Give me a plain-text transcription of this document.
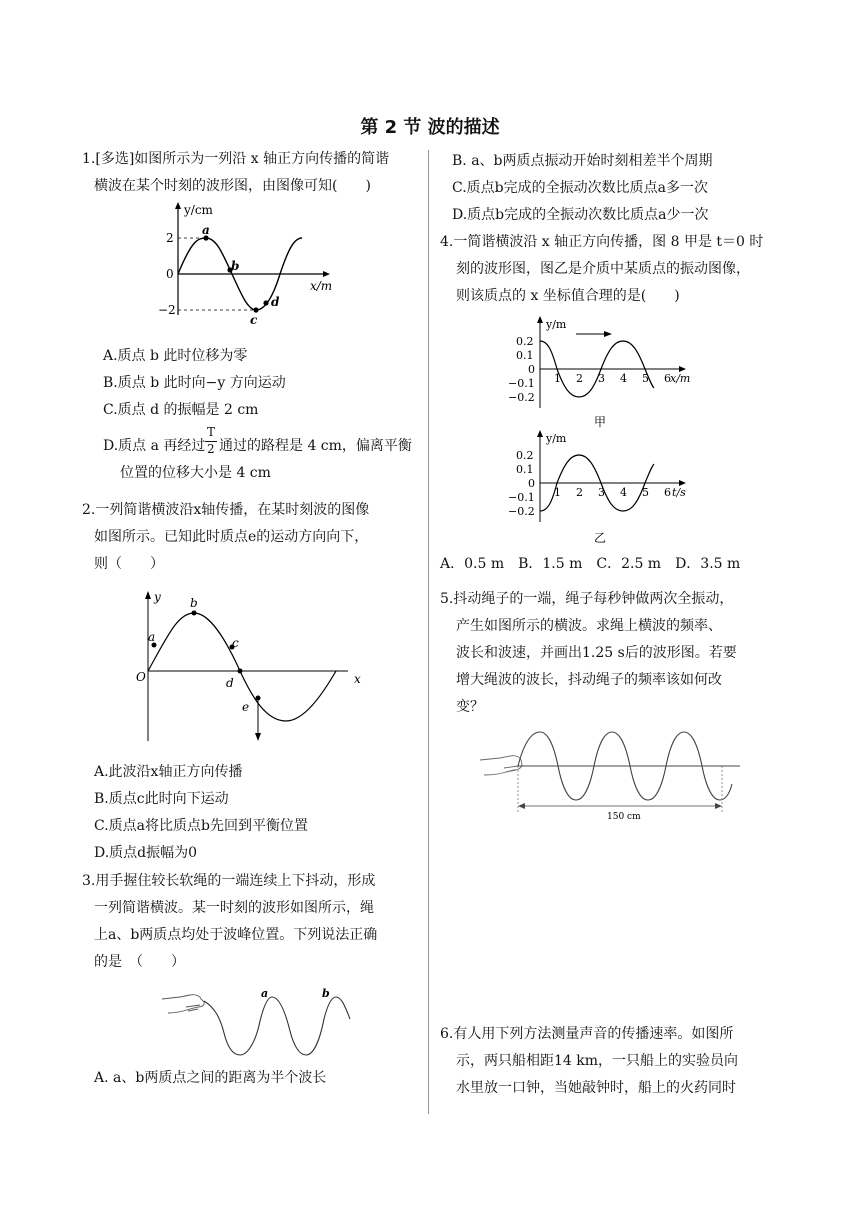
第 2 节 波的描述
1.[多选]如图所示为一列沿 x 轴正方向传播的简谐
横波在某个时刻的波形图，由图像可知(　　)
y/cm
x/m
2
0
−2
a
b
c
d
A.质点 b 此时位移为零
B.质点 b 此时向−y 方向运动
C.质点 d 的振幅是 2 cm
D.质点 a 再经过
T
2 通过的路程是 4 cm，偏离平衡
位置的位移大小是 4 cm
2.一列简谐横波沿x轴传播，在某时刻波的图像
如图所示。已知此时质点e的运动方向向下，
则（　　）
y
x
O
a
b
c
d
e
A.此波沿x轴正方向传播
B.质点c此时向下运动
C.质点a将比质点b先回到平衡位置
D.质点d振幅为0
3.用手握住较长软绳的一端连续上下抖动，形成
一列简谐横波。某一时刻的波形如图所示，绳
上a、b两质点均处于波峰位置。下列说法正确
的是　（　　）
a	b
A. a、b两质点之间的距离为半个波长
B. a、b两质点振动开始时刻相差半个周期
C.质点b完成的全振动次数比质点a多一次
D.质点b完成的全振动次数比质点a少一次
4.一简谐横波沿 x 轴正方向传播，图 8 甲是 t＝0 时
刻的波形图，图乙是介质中某质点的振动图像，
则该质点的 x 坐标值合理的是(　　)
y/m
0.2
0.1
0
−0.1
−0.2
1 2 3 4 5 6 x/m
甲
y/m
0.2
0.1
0
−0.1
−0.2
1 2 3 4 5 6 t/s
乙
A．0.5 m　B．1.5 m　C．2.5 m　D．3.5 m
5.抖动绳子的一端，绳子每秒钟做两次全振动，
产生如图所示的横波。求绳上横波的频率、
波长和波速，并画出1.25 s后的波形图。若要
增大绳波的波长，抖动绳子的频率该如何改
变？
150 cm
6.有人用下列方法测量声音的传播速率。如图所
示，两只船相距14 km，一只船上的实验员向
水里放一口钟，当她敲钟时，船上的火药同时
